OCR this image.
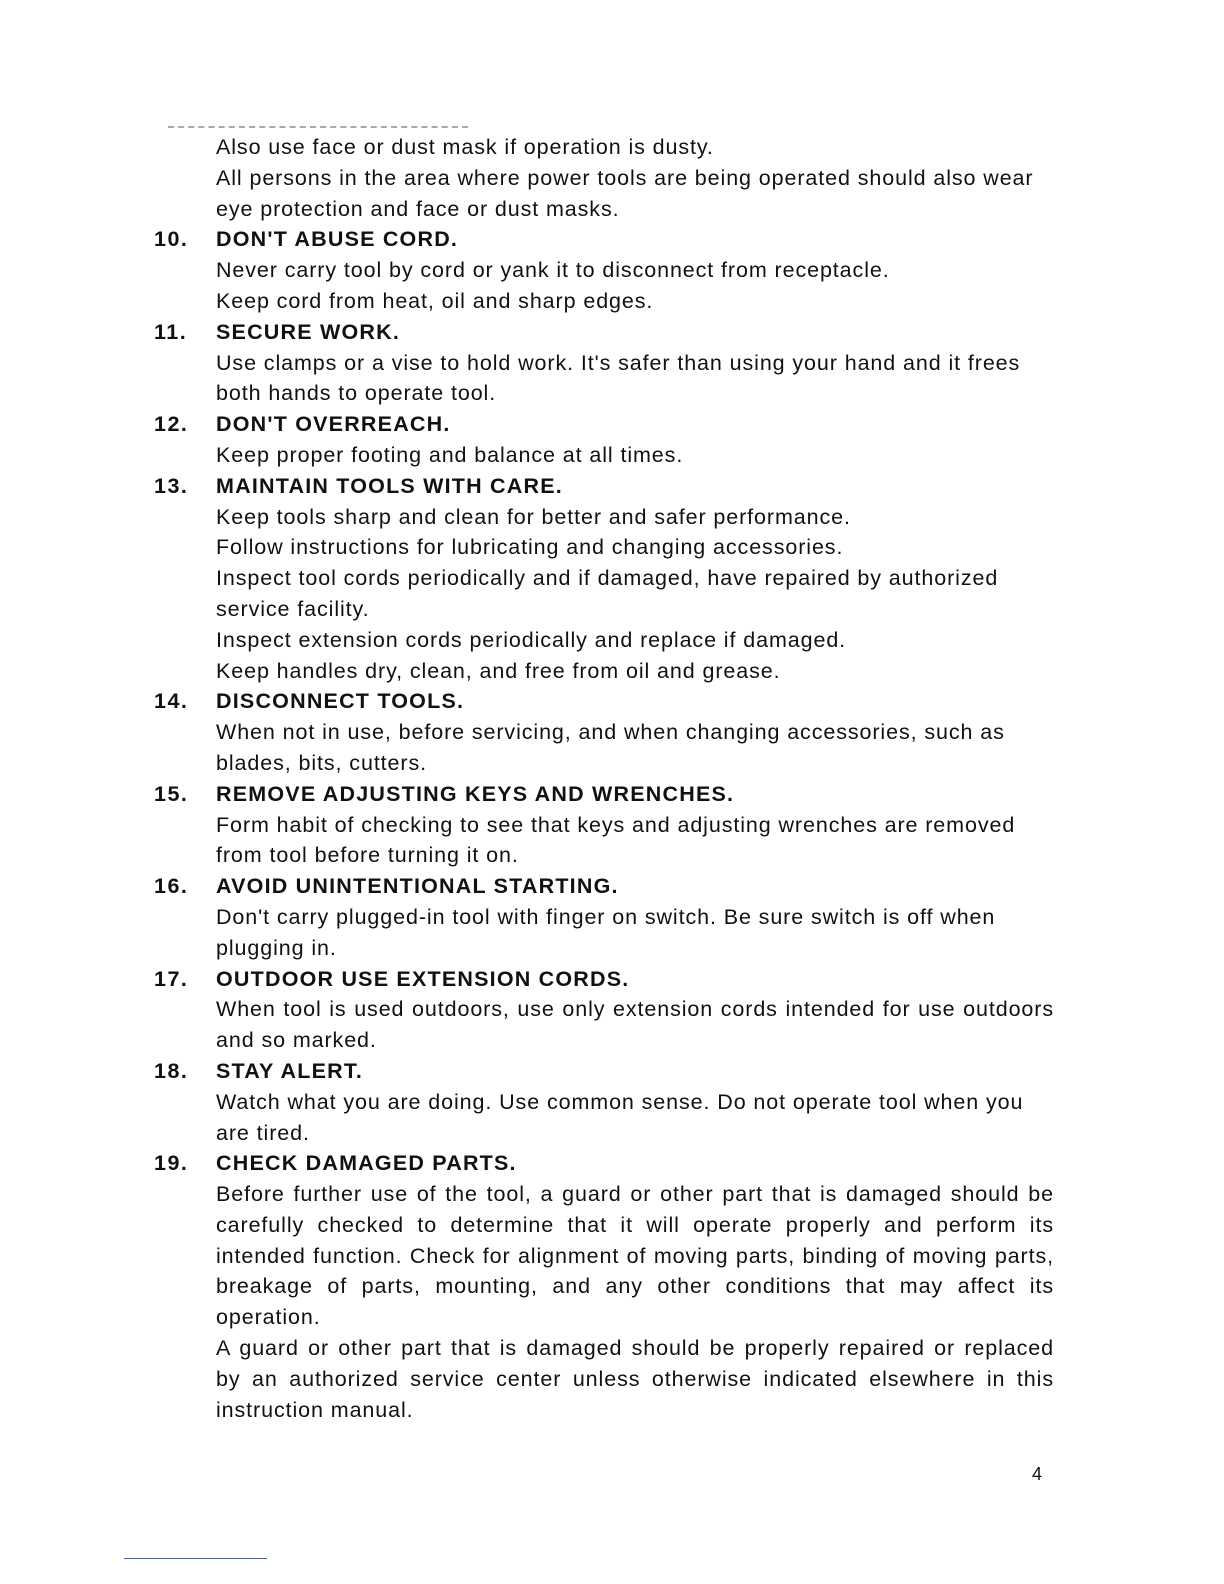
Also use face or dust mask if operation is dusty.
All persons in the area where power tools are being operated should also wear eye protection and face or dust masks.
10.	DON'T ABUSE CORD.
Never carry tool by cord or yank it to disconnect from receptacle.
Keep cord from heat, oil and sharp edges.
11.	SECURE WORK.
Use clamps or a vise to hold work. It's safer than using your hand and it frees both hands to operate tool.
12.	DON'T OVERREACH.
Keep proper footing and balance at all times.
13.	MAINTAIN TOOLS WITH CARE.
Keep tools sharp and clean for better and safer performance.
Follow instructions for lubricating and changing accessories.
Inspect tool cords periodically and if damaged, have repaired by authorized service facility.
Inspect extension cords periodically and replace if damaged.
Keep handles dry, clean, and free from oil and grease.
14.	DISCONNECT TOOLS.
When not in use, before servicing, and when changing accessories, such as blades, bits, cutters.
15.	REMOVE ADJUSTING KEYS AND WRENCHES.
Form habit of checking to see that keys and adjusting wrenches are removed from tool before turning it on.
16.	AVOID UNINTENTIONAL STARTING.
Don't carry plugged-in tool with finger on switch. Be sure switch is off when plugging in.
17.	OUTDOOR USE EXTENSION CORDS.
When tool is used outdoors, use only extension cords intended for use outdoors and so marked.
18.	STAY ALERT.
Watch what you are doing. Use common sense. Do not operate tool when you are tired.
19.	CHECK DAMAGED PARTS.
Before further use of the tool, a guard or other part that is damaged should be carefully checked to determine that it will operate properly and perform its intended function. Check for alignment of moving parts, binding of moving parts, breakage of parts, mounting, and any other conditions that may affect its operation.
A guard or other part that is damaged should be properly repaired or replaced by an authorized service center unless otherwise indicated elsewhere in this instruction manual.
4
